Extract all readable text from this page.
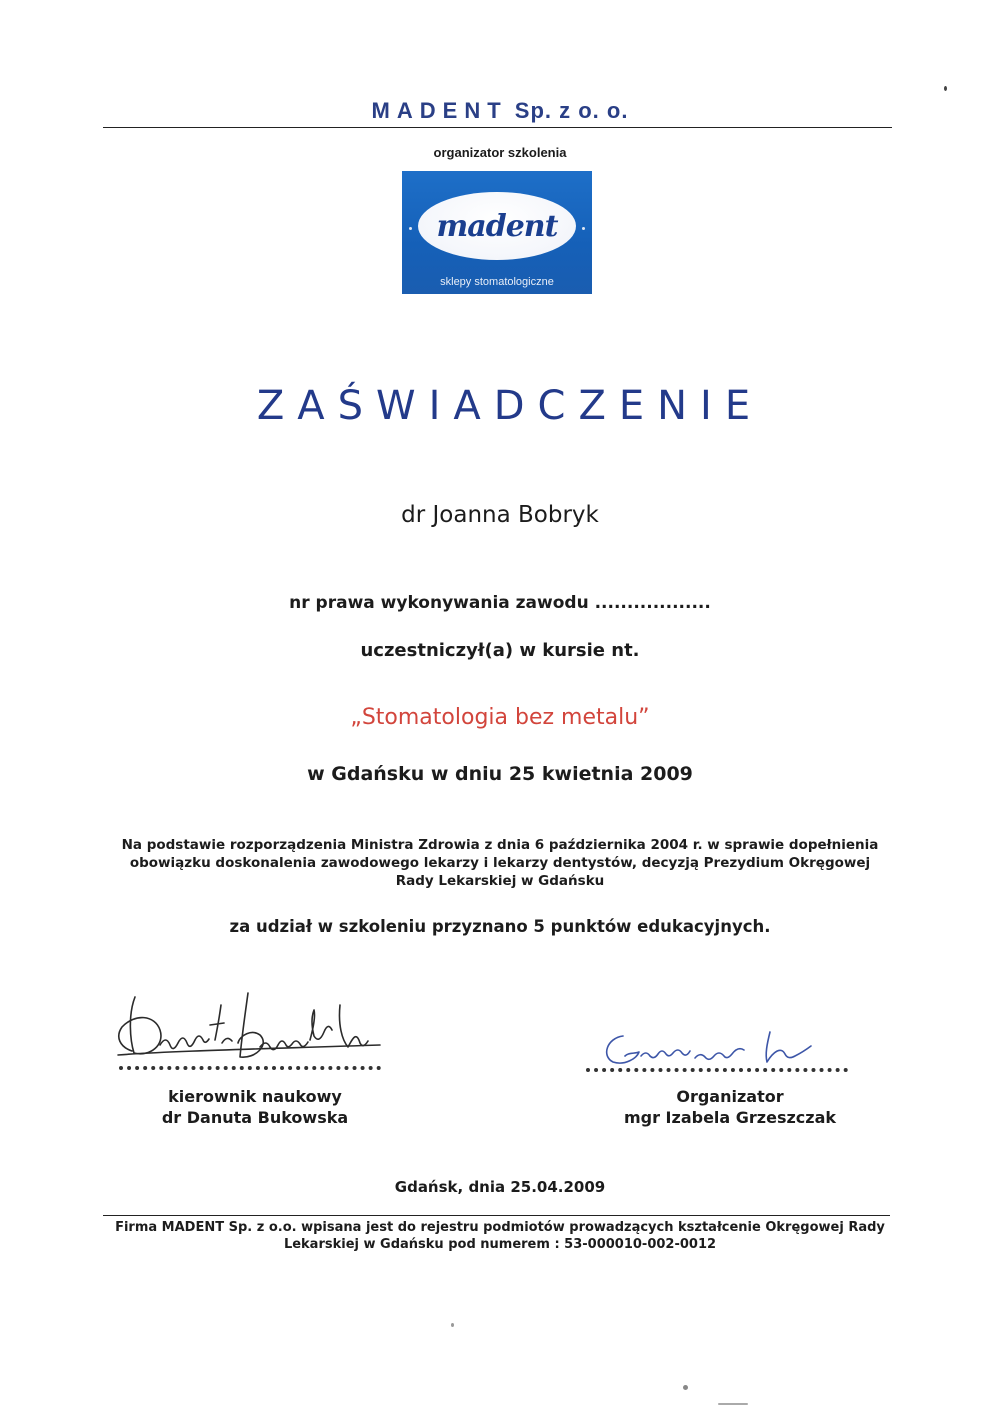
MADENT Sp. z o. o.
organizator szkolenia
madent
sklepy stomatologiczne
ZAŚWIADCZENIE
dr Joanna Bobryk
nr prawa wykonywania zawodu ..................
uczestniczył(a) w kursie nt.
„Stomatologia bez metalu”
w Gdańsku w dniu 25 kwietnia 2009
Na podstawie rozporządzenia Ministra Zdrowia z dnia 6 października 2004 r. w sprawie dopełnienia obowiązku doskonalenia zawodowego lekarzy i lekarzy dentystów, decyzją Prezydium Okręgowej Rady Lekarskiej w Gdańsku
za udział w szkoleniu przyznano 5 punktów edukacyjnych.
kierownik naukowy
dr Danuta Bukowska
Organizator
mgr Izabela Grzeszczak
Gdańsk, dnia 25.04.2009
Firma MADENT Sp. z o.o. wpisana jest do rejestru podmiotów prowadzących kształcenie Okręgowej Rady Lekarskiej w Gdańsku pod numerem : 53-000010-002-0012
